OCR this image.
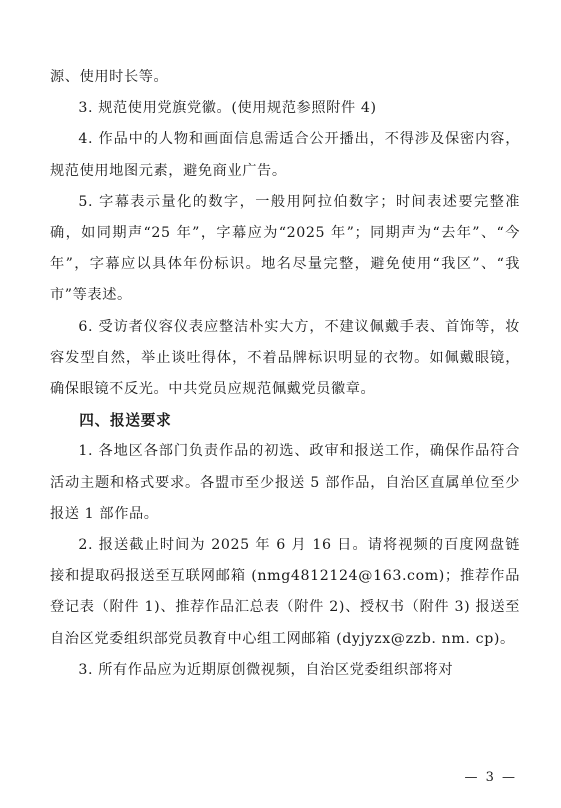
源、使用时长等。

3. 规范使用党旗党徽。(使用规范参照附件 4)

4. 作品中的人物和画面信息需适合公开播出，不得涉及保密内容，规范使用地图元素，避免商业广告。

5. 字幕表示量化的数字，一般用阿拉伯数字；时间表述要完整准确，如同期声“25 年”，字幕应为“2025 年”；同期声为“去年”、“今年”，字幕应以具体年份标识。地名尽量完整，避免使用“我区”、“我市”等表述。

6. 受访者仪容仪表应整洁朴实大方，不建议佩戴手表、首饰等，妆容发型自然，举止谈吐得体，不着品牌标识明显的衣物。如佩戴眼镜，确保眼镜不反光。中共党员应规范佩戴党员徽章。

四、报送要求

1. 各地区各部门负责作品的初选、政审和报送工作，确保作品符合活动主题和格式要求。各盟市至少报送 5 部作品，自治区直属单位至少报送 1 部作品。

2. 报送截止时间为 2025 年 6 月 16 日。请将视频的百度网盘链接和提取码报送至互联网邮箱 (nmg4812124@163.com)；推荐作品登记表（附件 1)、推荐作品汇总表（附件 2)、授权书（附件 3) 报送至自治区党委组织部党员教育中心组工网邮箱 (dyjyzx@zzb. nm. cp)。

3. 所有作品应为近期原创微视频，自治区党委组织部将对

— 3 —
